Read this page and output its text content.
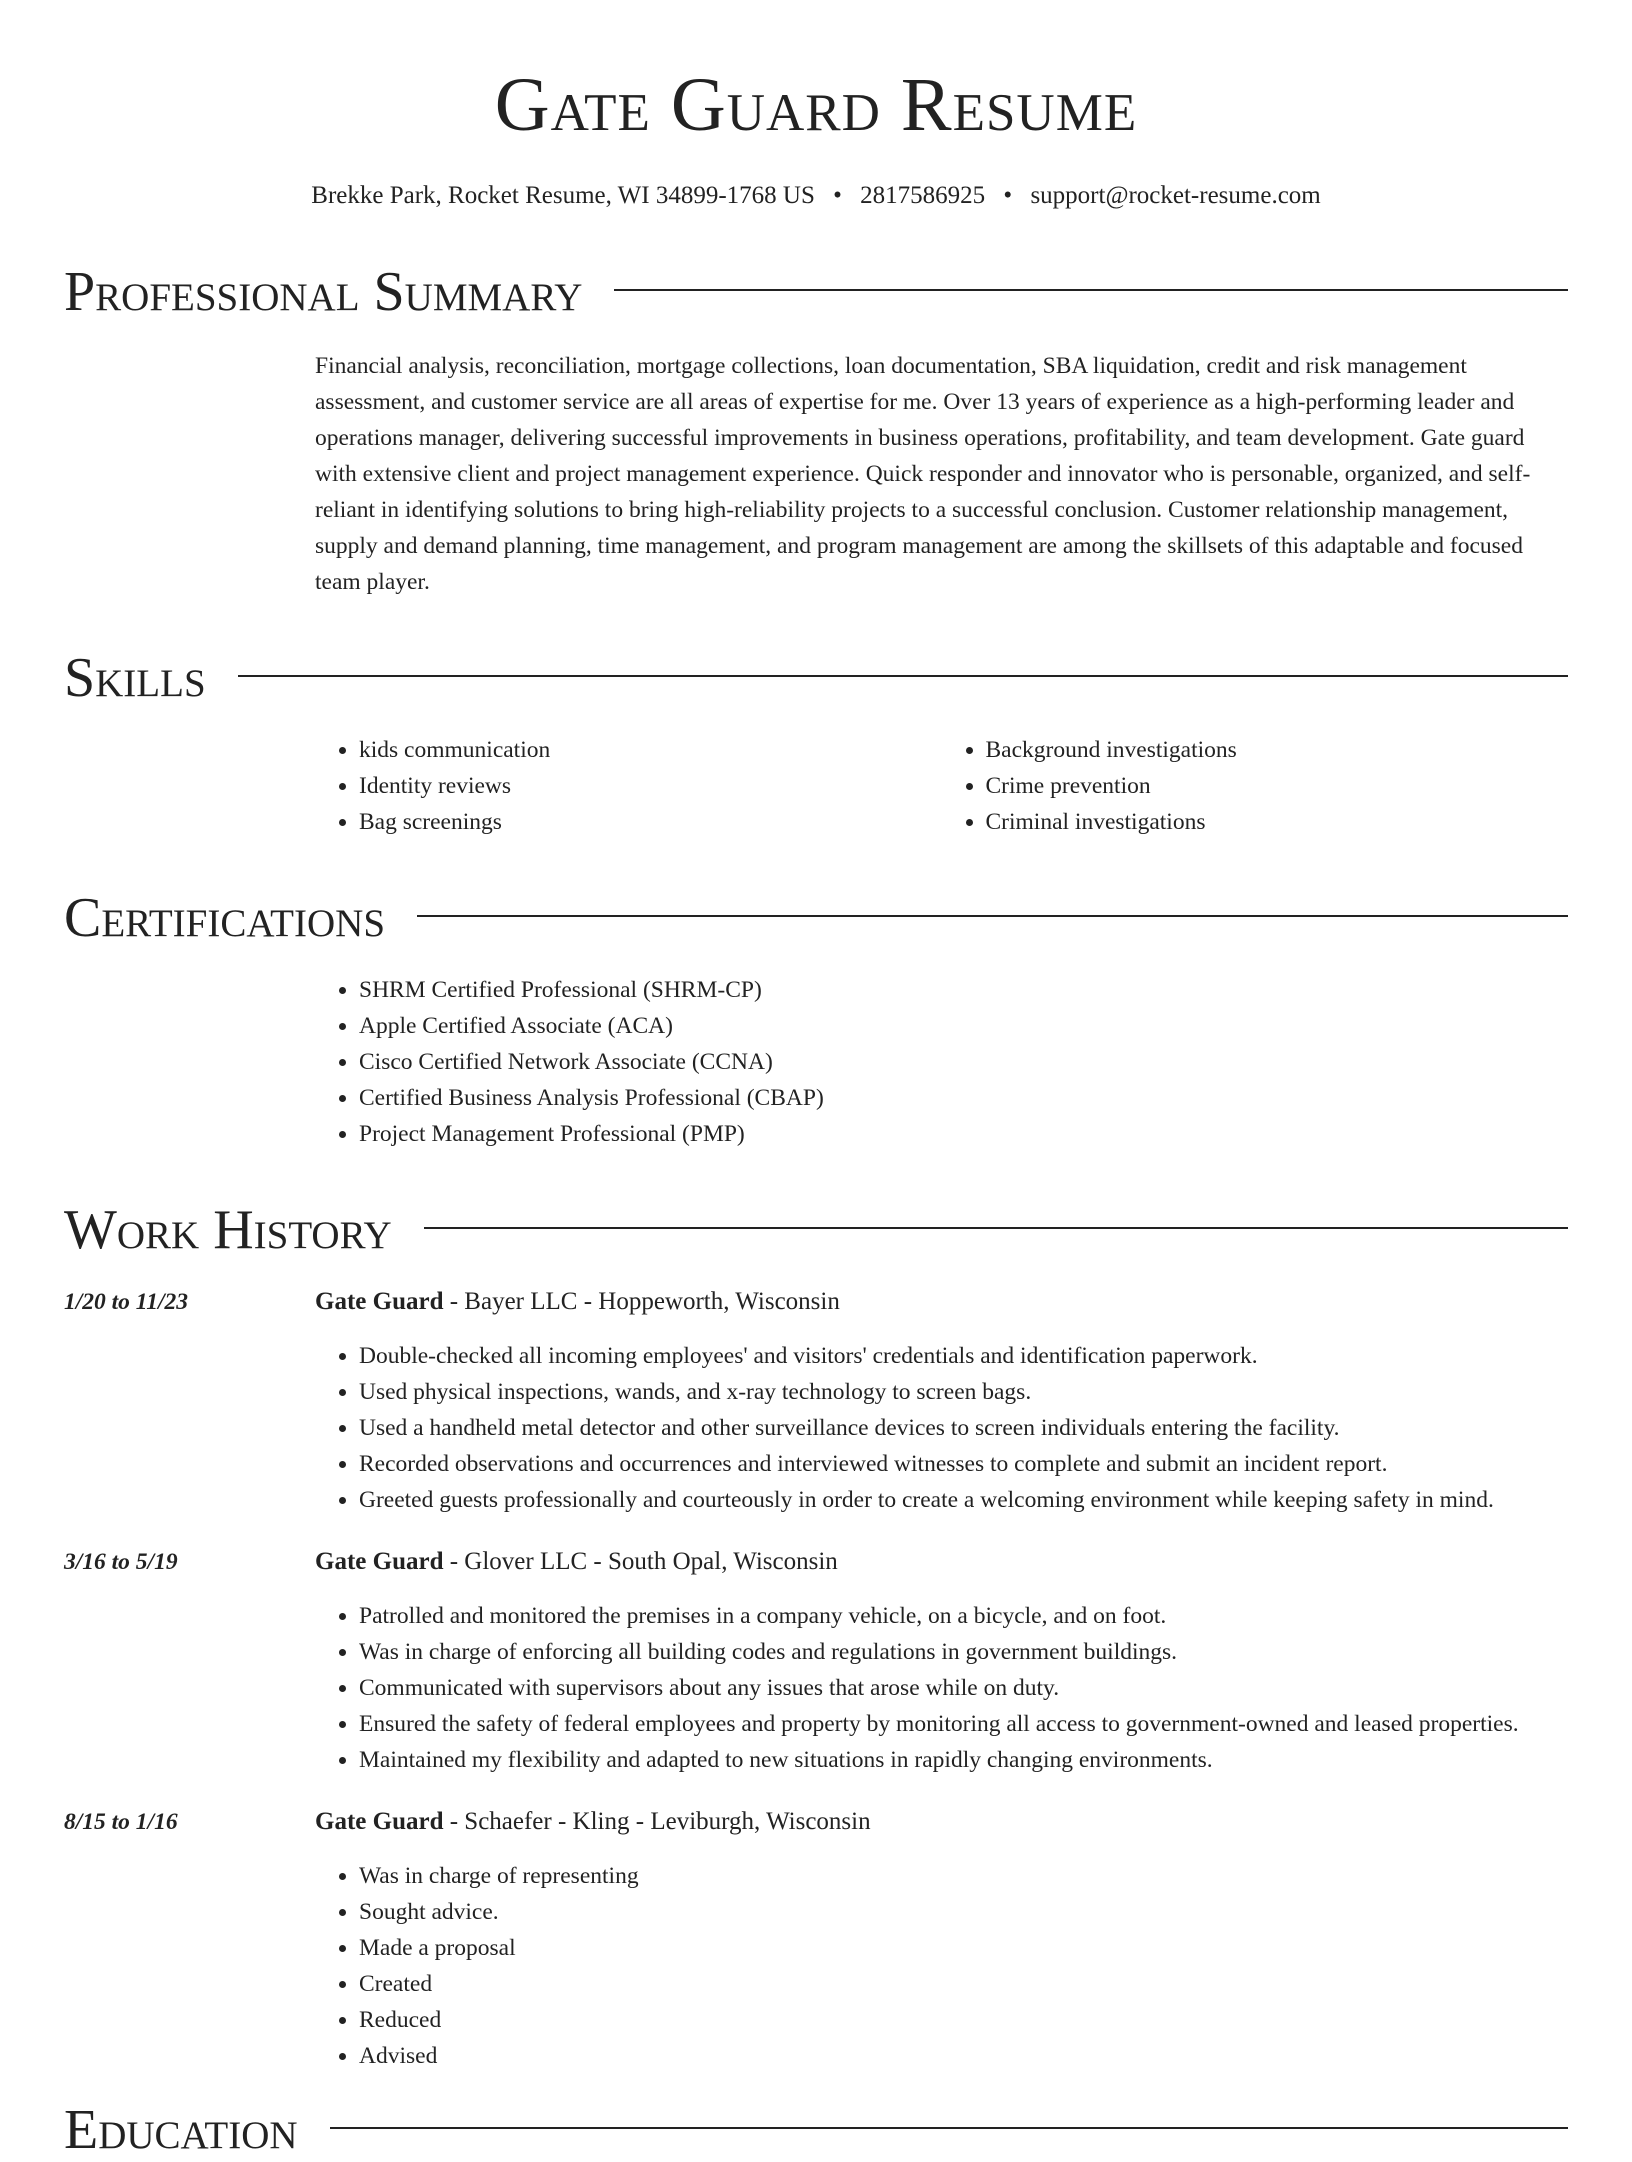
Gate Guard Resume
Brekke Park, Rocket Resume, WI 34899-1768 US • 2817586925 • support@rocket-resume.com
Professional Summary
Financial analysis, reconciliation, mortgage collections, loan documentation, SBA liquidation, credit and risk management assessment, and customer service are all areas of expertise for me. Over 13 years of experience as a high-performing leader and operations manager, delivering successful improvements in business operations, profitability, and team development. Gate guard with extensive client and project management experience. Quick responder and innovator who is personable, organized, and self-reliant in identifying solutions to bring high-reliability projects to a successful conclusion. Customer relationship management, supply and demand planning, time management, and program management are among the skillsets of this adaptable and focused team player.
Skills
• kids communication
• Identity reviews
• Bag screenings
• Background investigations
• Crime prevention
• Criminal investigations
Certifications
• SHRM Certified Professional (SHRM-CP)
• Apple Certified Associate (ACA)
• Cisco Certified Network Associate (CCNA)
• Certified Business Analysis Professional (CBAP)
• Project Management Professional (PMP)
Work History
1/20 to 11/23	Gate Guard - Bayer LLC - Hoppeworth, Wisconsin
• Double-checked all incoming employees' and visitors' credentials and identification paperwork.
• Used physical inspections, wands, and x-ray technology to screen bags.
• Used a handheld metal detector and other surveillance devices to screen individuals entering the facility.
• Recorded observations and occurrences and interviewed witnesses to complete and submit an incident report.
• Greeted guests professionally and courteously in order to create a welcoming environment while keeping safety in mind.
3/16 to 5/19	Gate Guard - Glover LLC - South Opal, Wisconsin
• Patrolled and monitored the premises in a company vehicle, on a bicycle, and on foot.
• Was in charge of enforcing all building codes and regulations in government buildings.
• Communicated with supervisors about any issues that arose while on duty.
• Ensured the safety of federal employees and property by monitoring all access to government-owned and leased properties.
• Maintained my flexibility and adapted to new situations in rapidly changing environments.
8/15 to 1/16	Gate Guard - Schaefer - Kling - Leviburgh, Wisconsin
• Was in charge of representing
• Sought advice.
• Made a proposal
• Created
• Reduced
• Advised
Education
